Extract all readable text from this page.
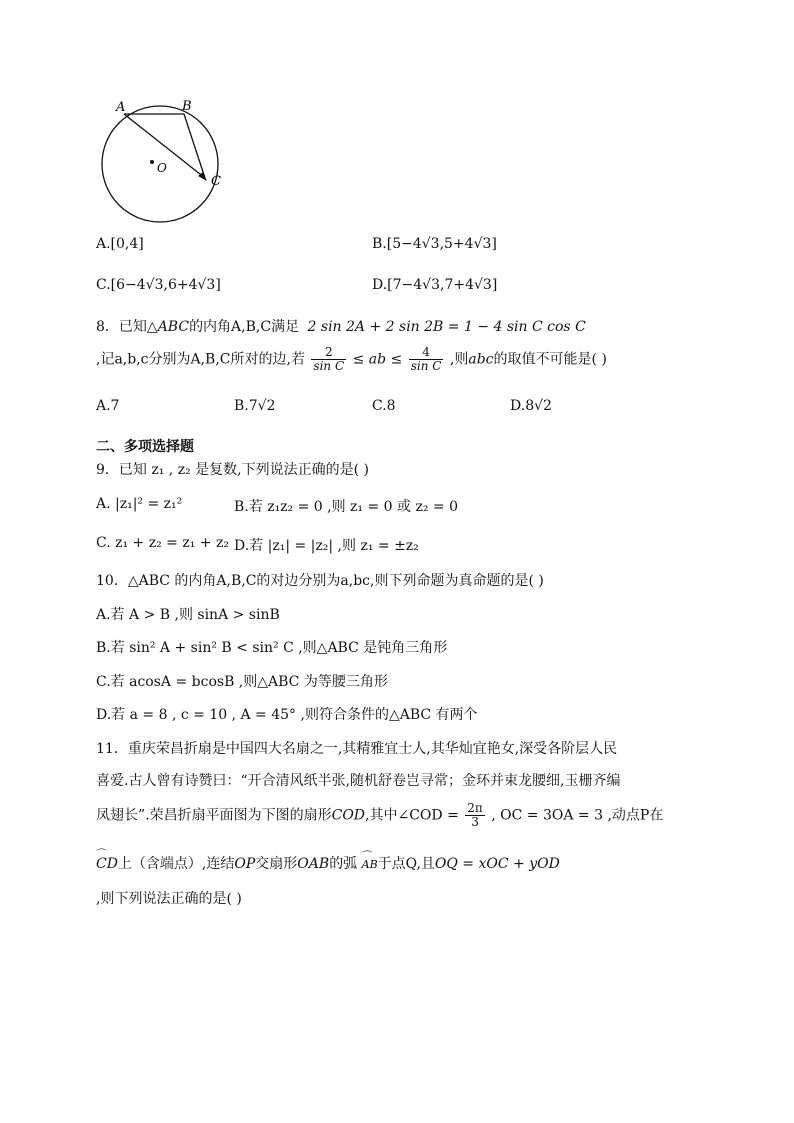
A	B
O
C
A.[0,4]	B.[5−4√3,5+4√3]
C.[6−4√3,6+4√3]	D.[7−4√3,7+4√3]
8．已知△ABC的内角A,B,C满足 2 sin 2A + 2 sin 2B = 1 − 4 sin C cos C
,记a,b,c分别为A,B,C所对的边,若 $\frac{2}{\text{sin C}}$ ≤ ab ≤ $\frac{4}{\text{sin C}}$ ,则abc的取值不可能是( )
A.7	B.7√2	C.8	D.8√2
二、多项选择题
9．已知 z₁ , z₂ 是复数,下列说法正确的是( )
A. |z₁|² = z₁²	B.若 z₁z₂ = 0 ,则 z₁ = 0 或 z₂ = 0
C. z₁ + z₂ = z₁ + z₂ D.若 |z₁| = |z₂| ,则 z₁ = ±z₂
10．△ABC 的内角A,B,C的对边分别为a,bc,则下列命题为真命题的是( )
A.若 A > B ,则 sinA > sinB
B.若 sin² A + sin² B < sin² C ,则△ABC 是钝角三角形
C.若 acosA = bcosB ,则△ABC 为等腰三角形
D.若 a = 8 , c = 10 , A = 45° ,则符合条件的△ABC 有两个
11．重庆荣昌折扇是中国四大名扇之一,其精雅宜士人,其华灿宜艳女,深受各阶层人民
喜爱.古人曾有诗赞曰：“开合清风纸半张,随机舒卷岂寻常；金环并束龙腰细,玉栅齐编
凤翅长”.荣昌折扇平面图为下图的扇形COD,其中∠COD = $\frac{2\pi}{3}$ , OC = 3OA = 3 ,动点P在
⌒ CD上（含端点）,连结OP交扇形OAB的弧 ⌒ AB于点Q,且OQ = xOC + yOD
,则下列说法正确的是( )
